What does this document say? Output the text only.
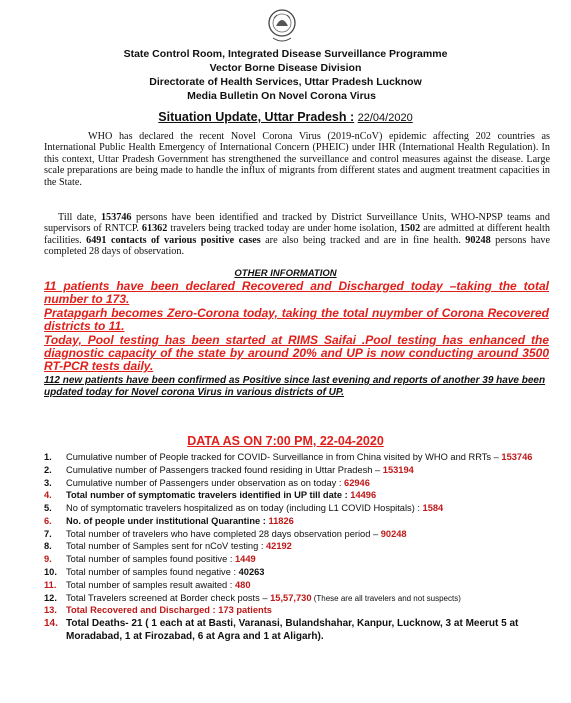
State Control Room, Integrated Disease Surveillance Programme
Vector Borne Disease Division
Directorate of Health Services, Uttar Pradesh Lucknow
Media Bulletin On Novel Corona Virus
Situation Update, Uttar Pradesh : 22/04/2020
WHO has declared the recent Novel Corona Virus (2019-nCoV) epidemic affecting 202 countries as International Public Health Emergency of International Concern (PHEIC) under IHR (International Health Regulation). In this context, Uttar Pradesh Government has strengthened the surveillance and control measures against the disease. Large scale preparations are being made to handle the influx of migrants from different states and augment treatment capacities in the State.
Till date, 153746 persons have been identified and tracked by District Surveillance Units, WHO-NPSP teams and supervisors of RNTCP. 61362 travelers being tracked today are under home isolation, 1502 are admitted at different health facilities. 6491 contacts of various positive cases are also being tracked and are in fine health. 90248 persons have completed 28 days of observation.
OTHER INFORMATION
11 patients have been declared Recovered and Discharged today –taking the total number to 173.
Pratapgarh becomes Zero-Corona today, taking the total nuymber of Corona Recovered districts to 11.
Today, Pool testing has been started at RIMS Saifai .Pool testing has enhanced the diagnostic capacity of the state by around 20% and UP is now conducting around 3500 RT-PCR tests daily.
112 new patients have been confirmed as Positive since last evening and reports of another 39 have been updated today for Novel corona Virus in various districts of UP.
DATA AS ON 7:00 PM, 22-04-2020
1. Cumulative number of People tracked for COVID- Surveillance in from China visited by WHO and RRTs – 153746
2. Cumulative number of Passengers tracked found residing in Uttar Pradesh – 153194
3. Cumulative number of Passengers under observation as on today : 62946
4. Total number of symptomatic travelers identified in UP till date : 14496
5. No of symptomatic travelers hospitalized as on today (including L1 COVID Hospitals) : 1584
6. No. of people under institutional Quarantine : 11826
7. Total number of travelers who have completed 28 days observation period – 90248
8. Total number of Samples sent for nCoV testing : 42192
9. Total number of samples found positive : 1449
10. Total number of samples found negative : 40263
11. Total number of samples result awaited : 480
12. Total Travelers screened at Border check posts – 15,57,730 (These are all travelers and not suspects)
13. Total Recovered and Discharged : 173 patients
14. Total Deaths- 21 ( 1 each at at Basti, Varanasi, Bulandshahar, Kanpur, Lucknow, 3 at Meerut 5 at Moradabad, 1 at Firozabad, 6 at Agra and 1 at Aligarh).
